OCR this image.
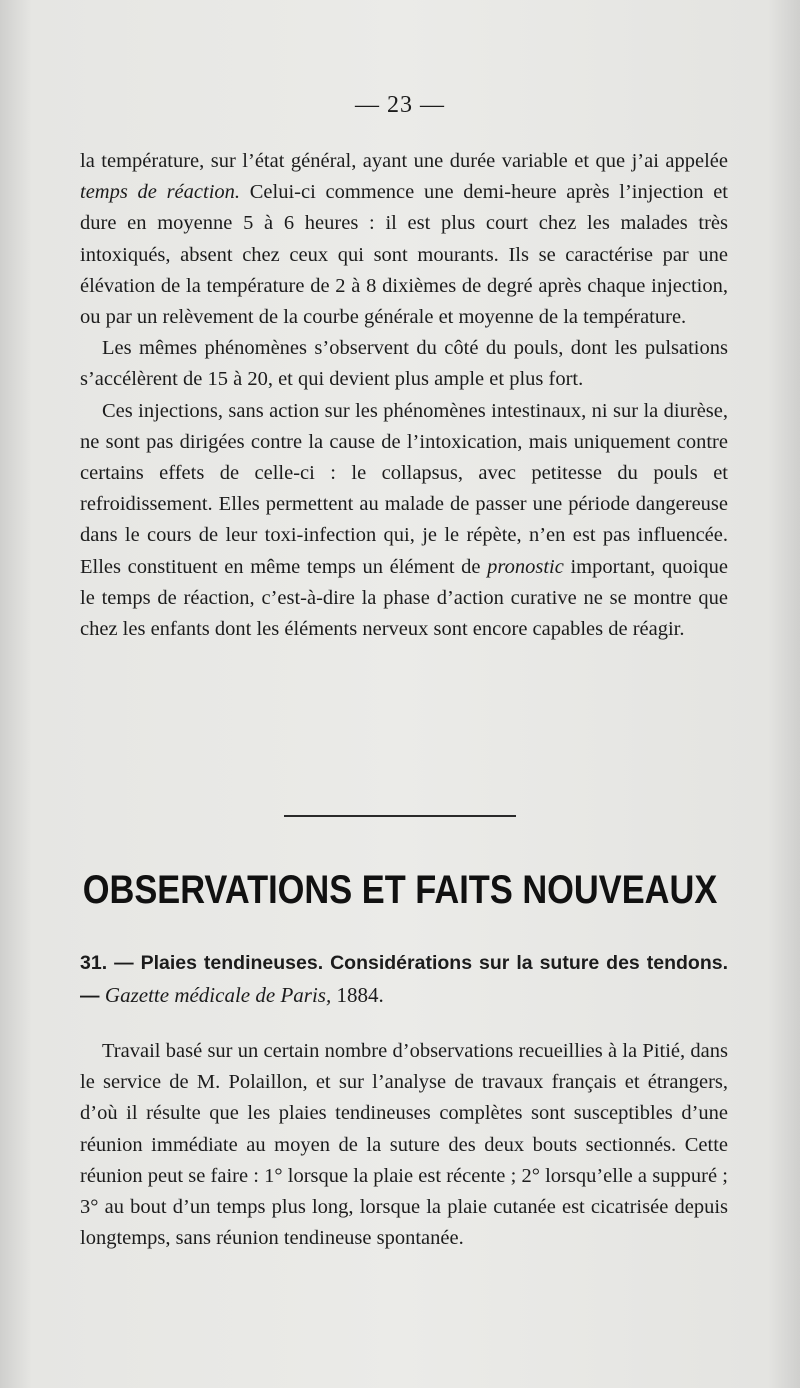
— 23 —

la température, sur l’état général, ayant une durée variable et que j’ai appelée temps de réaction. Celui-ci commence une demi-heure après l’injection et dure en moyenne 5 à 6 heures : il est plus court chez les malades très intoxiqués, absent chez ceux qui sont mourants. Ils se caractérise par une élévation de la température de 2 à 8 dixièmes de degré après chaque injection, ou par un relèvement de la courbe générale et moyenne de la température.

Les mêmes phénomènes s’observent du côté du pouls, dont les pulsations s’accélèrent de 15 à 20, et qui devient plus ample et plus fort.

Ces injections, sans action sur les phénomènes intestinaux, ni sur la diurèse, ne sont pas dirigées contre la cause de l’intoxication, mais uniquement contre certains effets de celle-ci : le collapsus, avec petitesse du pouls et refroidissement. Elles permettent au malade de passer une période dangereuse dans le cours de leur toxi-infection qui, je le répète, n’en est pas influencée. Elles constituent en même temps un élément de pronostic important, quoique le temps de réaction, c’est-à-dire la phase d’action curative ne se montre que chez les enfants dont les éléments nerveux sont encore capables de réagir.

OBSERVATIONS ET FAITS NOUVEAUX
31. — Plaies tendineuses. Considérations sur la suture des tendons. — Gazette médicale de Paris, 1884.
Travail basé sur un certain nombre d’observations recueillies à la Pitié, dans le service de M. Polaillon, et sur l’analyse de travaux français et étrangers, d’où il résulte que les plaies tendineuses complètes sont susceptibles d’une réunion immédiate au moyen de la suture des deux bouts sectionnés. Cette réunion peut se faire : 1° lorsque la plaie est récente ; 2° lorsqu’elle a suppuré ; 3° au bout d’un temps plus long, lorsque la plaie cutanée est cicatrisée depuis longtemps, sans réunion tendineuse spontanée.
